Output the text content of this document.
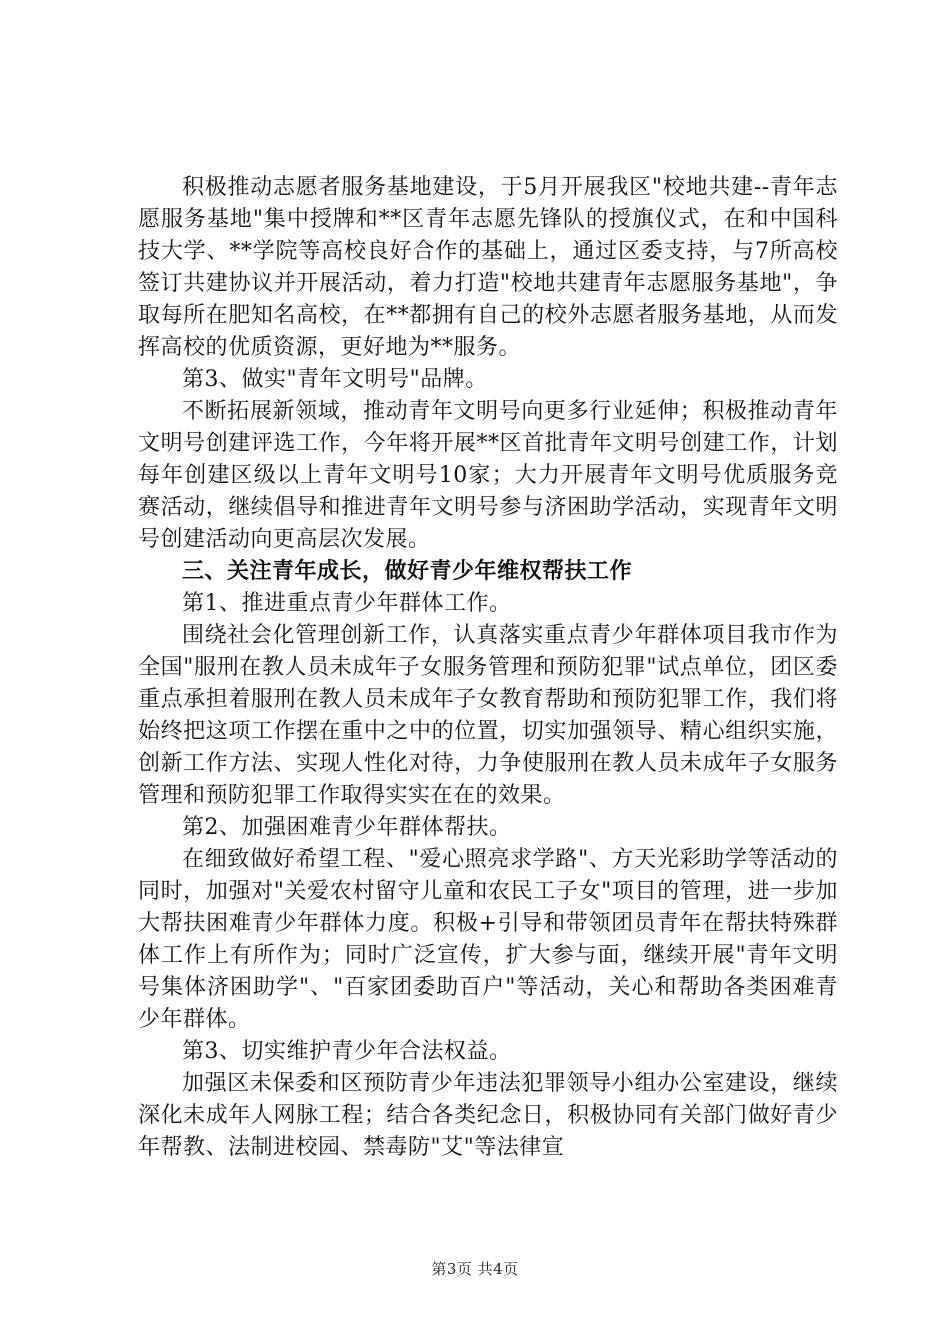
积极推动志愿者服务基地建设，于5月开展我区"校地共建--青年志愿服务基地"集中授牌和**区青年志愿先锋队的授旗仪式，在和中国科技大学、**学院等高校良好合作的基础上，通过区委支持，与7所高校签订共建协议并开展活动，着力打造"校地共建青年志愿服务基地"，争取每所在肥知名高校，在**都拥有自己的校外志愿者服务基地，从而发挥高校的优质资源，更好地为**服务。

第3、做实"青年文明号"品牌。

不断拓展新领域，推动青年文明号向更多行业延伸；积极推动青年文明号创建评选工作，今年将开展**区首批青年文明号创建工作，计划每年创建区级以上青年文明号10家；大力开展青年文明号优质服务竞赛活动，继续倡导和推进青年文明号参与济困助学活动，实现青年文明号创建活动向更高层次发展。

三、关注青年成长，做好青少年维权帮扶工作

第1、推进重点青少年群体工作。

围绕社会化管理创新工作，认真落实重点青少年群体项目我市作为全国"服刑在教人员未成年子女服务管理和预防犯罪"试点单位，团区委重点承担着服刑在教人员未成年子女教育帮助和预防犯罪工作，我们将始终把这项工作摆在重中之中的位置，切实加强领导、精心组织实施，创新工作方法、实现人性化对待，力争使服刑在教人员未成年子女服务管理和预防犯罪工作取得实实在在的效果。

第2、加强困难青少年群体帮扶。

在细致做好希望工程、"爱心照亮求学路"、方天光彩助学等活动的同时，加强对"关爱农村留守儿童和农民工子女"项目的管理，进一步加大帮扶困难青少年群体力度。积极+引导和带领团员青年在帮扶特殊群体工作上有所作为；同时广泛宣传，扩大参与面，继续开展"青年文明号集体济困助学"、"百家团委助百户"等活动，关心和帮助各类困难青少年群体。

第3、切实维护青少年合法权益。

加强区未保委和区预防青少年违法犯罪领导小组办公室建设，继续深化未成年人网脉工程；结合各类纪念日，积极协同有关部门做好青少年帮教、法制进校园、禁毒防"艾"等法律宣

第3页 共4页
